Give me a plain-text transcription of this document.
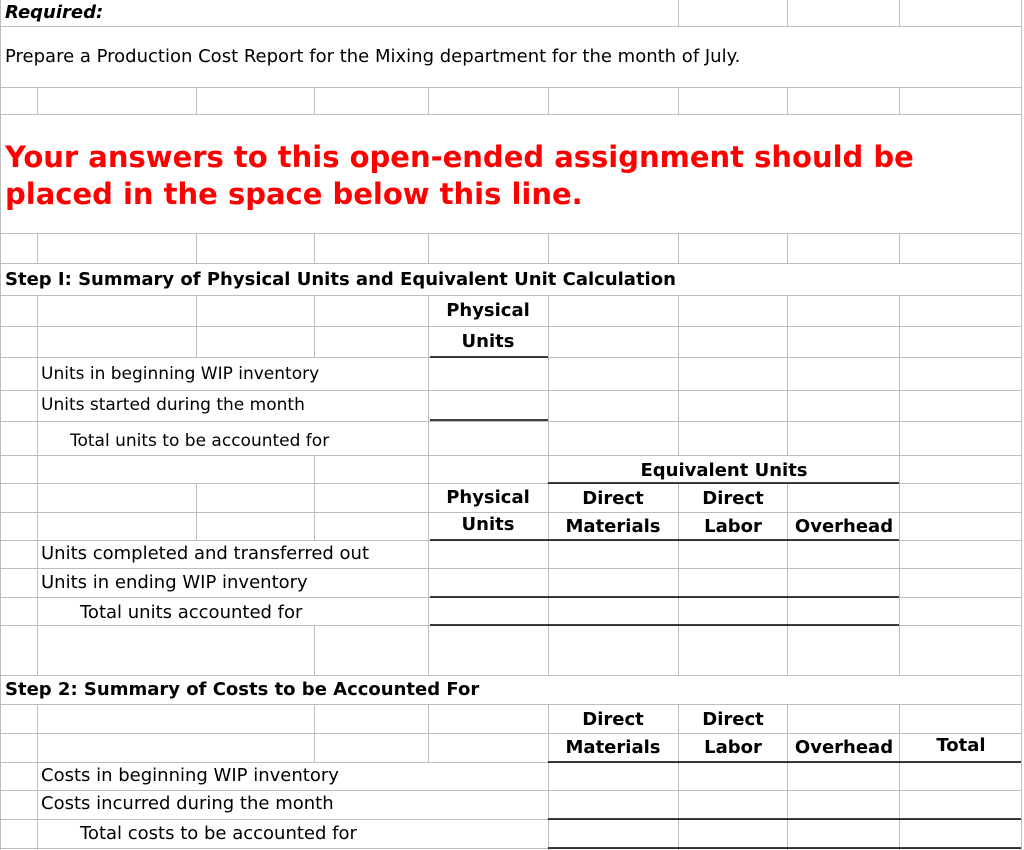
Required:
Prepare a Production Cost Report for the Mixing department for the month of July.
Your answers to this open-ended assignment should be placed in the space below this line.
Step I: Summary of Physical Units and Equivalent Unit Calculation
Physical
Units
Units in beginning WIP inventory
Units started during the month
Total units to be accounted for
Equivalent Units
Physical
Units
Direct
Materials
Direct
Labor Overhead
Units completed and transferred out
Units in ending WIP inventory
Total units accounted for
Step 2: Summary of Costs to be Accounted For
Direct
Materials
Direct
Labor Overhead Total
Costs in beginning WIP inventory
Costs incurred during the month
Total costs to be accounted for
